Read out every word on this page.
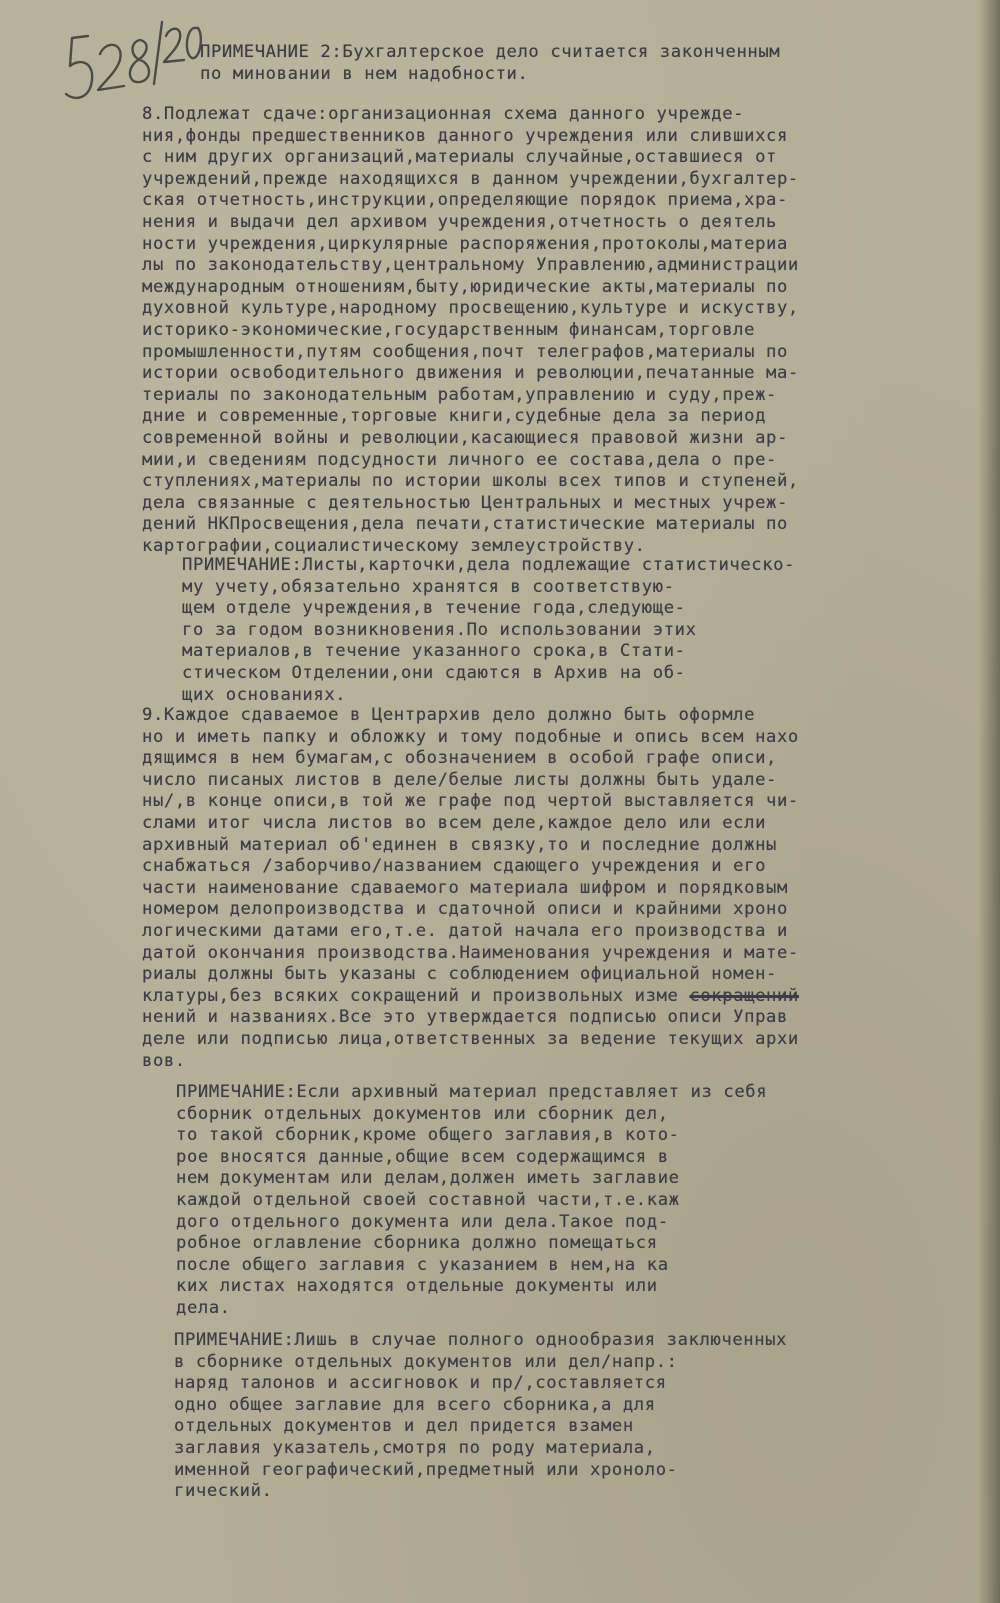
ПРИМЕЧАНИЕ 2:Бухгалтерское дело считается законченным
по миновании в нем надобности.
8.Подлежат сдаче:организационная схема данного учрежде-
ния,фонды предшественников данного учреждения или слившихся
с ним других организаций,материалы случайные,оставшиеся от
учреждений,прежде находящихся в данном учреждении,бухгалтер-
ская отчетность,инструкции,определяющие порядок приема,хра-
нения и выдачи дел архивом учреждения,отчетность о деятель
ности учреждения,циркулярные распоряжения,протоколы,материа
лы по законодательству,центральному Управлению,администрации
международным отношениям,быту,юридические акты,материалы по
духовной культуре,народному просвещению,культуре и искуству,
историко-экономические,государственным финансам,торговле
промышленности,путям сообщения,почт телеграфов,материалы по
истории освободительного движения и революции,печатанные ма-
териалы по законодательным работам,управлению и суду,преж-
дние и современные,торговые книги,судебные дела за период
современной войны и революции,касающиеся правовой жизни ар-
мии,и сведениям подсудности личного ее состава,дела о пре-
ступлениях,материалы по истории школы всех типов и ступеней,
дела связанные с деятельностью Центральных и местных учреж-
дений НКПросвещения,дела печати,статистические материалы по
картографии,социалистическому землеустройству.
ПРИМЕЧАНИЕ:Листы,карточки,дела подлежащие статистическо-
му учету,обязательно хранятся в соответствую-
щем отделе учреждения,в течение года,следующе-
го за годом возникновения.По использовании этих
материалов,в течение указанного срока,в Стати-
стическом Отделении,они сдаются в Архив на об-
щих основаниях.
9.Каждое сдаваемое в Центрархив дело должно быть оформле
но и иметь папку и обложку и тому подобные и опись всем нахо
дящимся в нем бумагам,с обозначением в особой графе описи,
число писаных листов в деле/белые листы должны быть удале-
ны/,в конце описи,в той же графе под чертой выставляется чи-
слами итог числа листов во всем деле,каждое дело или если
архивный материал об'единен в связку,то и последние должны
снабжаться /заборчиво/названием сдающего учреждения и его
части наименование сдаваемого материала шифром и порядковым
номером делопроизводства и сдаточной описи и крайними хроно
логическими датами его,т.е. датой начала его производства и
датой окончания производства.Наименования учреждения и мате-
риалы должны быть указаны с соблюдением официальной номен-
клатуры,без всяких сокращений и произвольных изме сокращений
нений и названиях.Все это утверждается подписью описи Управ
деле или подписью лица,ответственных за ведение текущих архи
вов.
ПРИМЕЧАНИЕ:Если архивный материал представляет из себя
сборник отдельных документов или сборник дел,
то такой сборник,кроме общего заглавия,в кото-
рое вносятся данные,общие всем содержащимся в
нем документам или делам,должен иметь заглавие
каждой отдельной своей составной части,т.е.каж
дого отдельного документа или дела.Такое под-
робное оглавление сборника должно помещаться
после общего заглавия с указанием в нем,на ка
ких листах находятся отдельные документы или
дела.
ПРИМЕЧАНИЕ:Лишь в случае полного однообразия заключенных
в сборнике отдельных документов или дел/напр.:
наряд талонов и ассигновок и пр/,составляется
одно общее заглавие для всего сборника,а для
отдельных документов и дел придется взамен
заглавия указатель,смотря по роду материала,
именной географический,предметный или хроноло-
гический.
